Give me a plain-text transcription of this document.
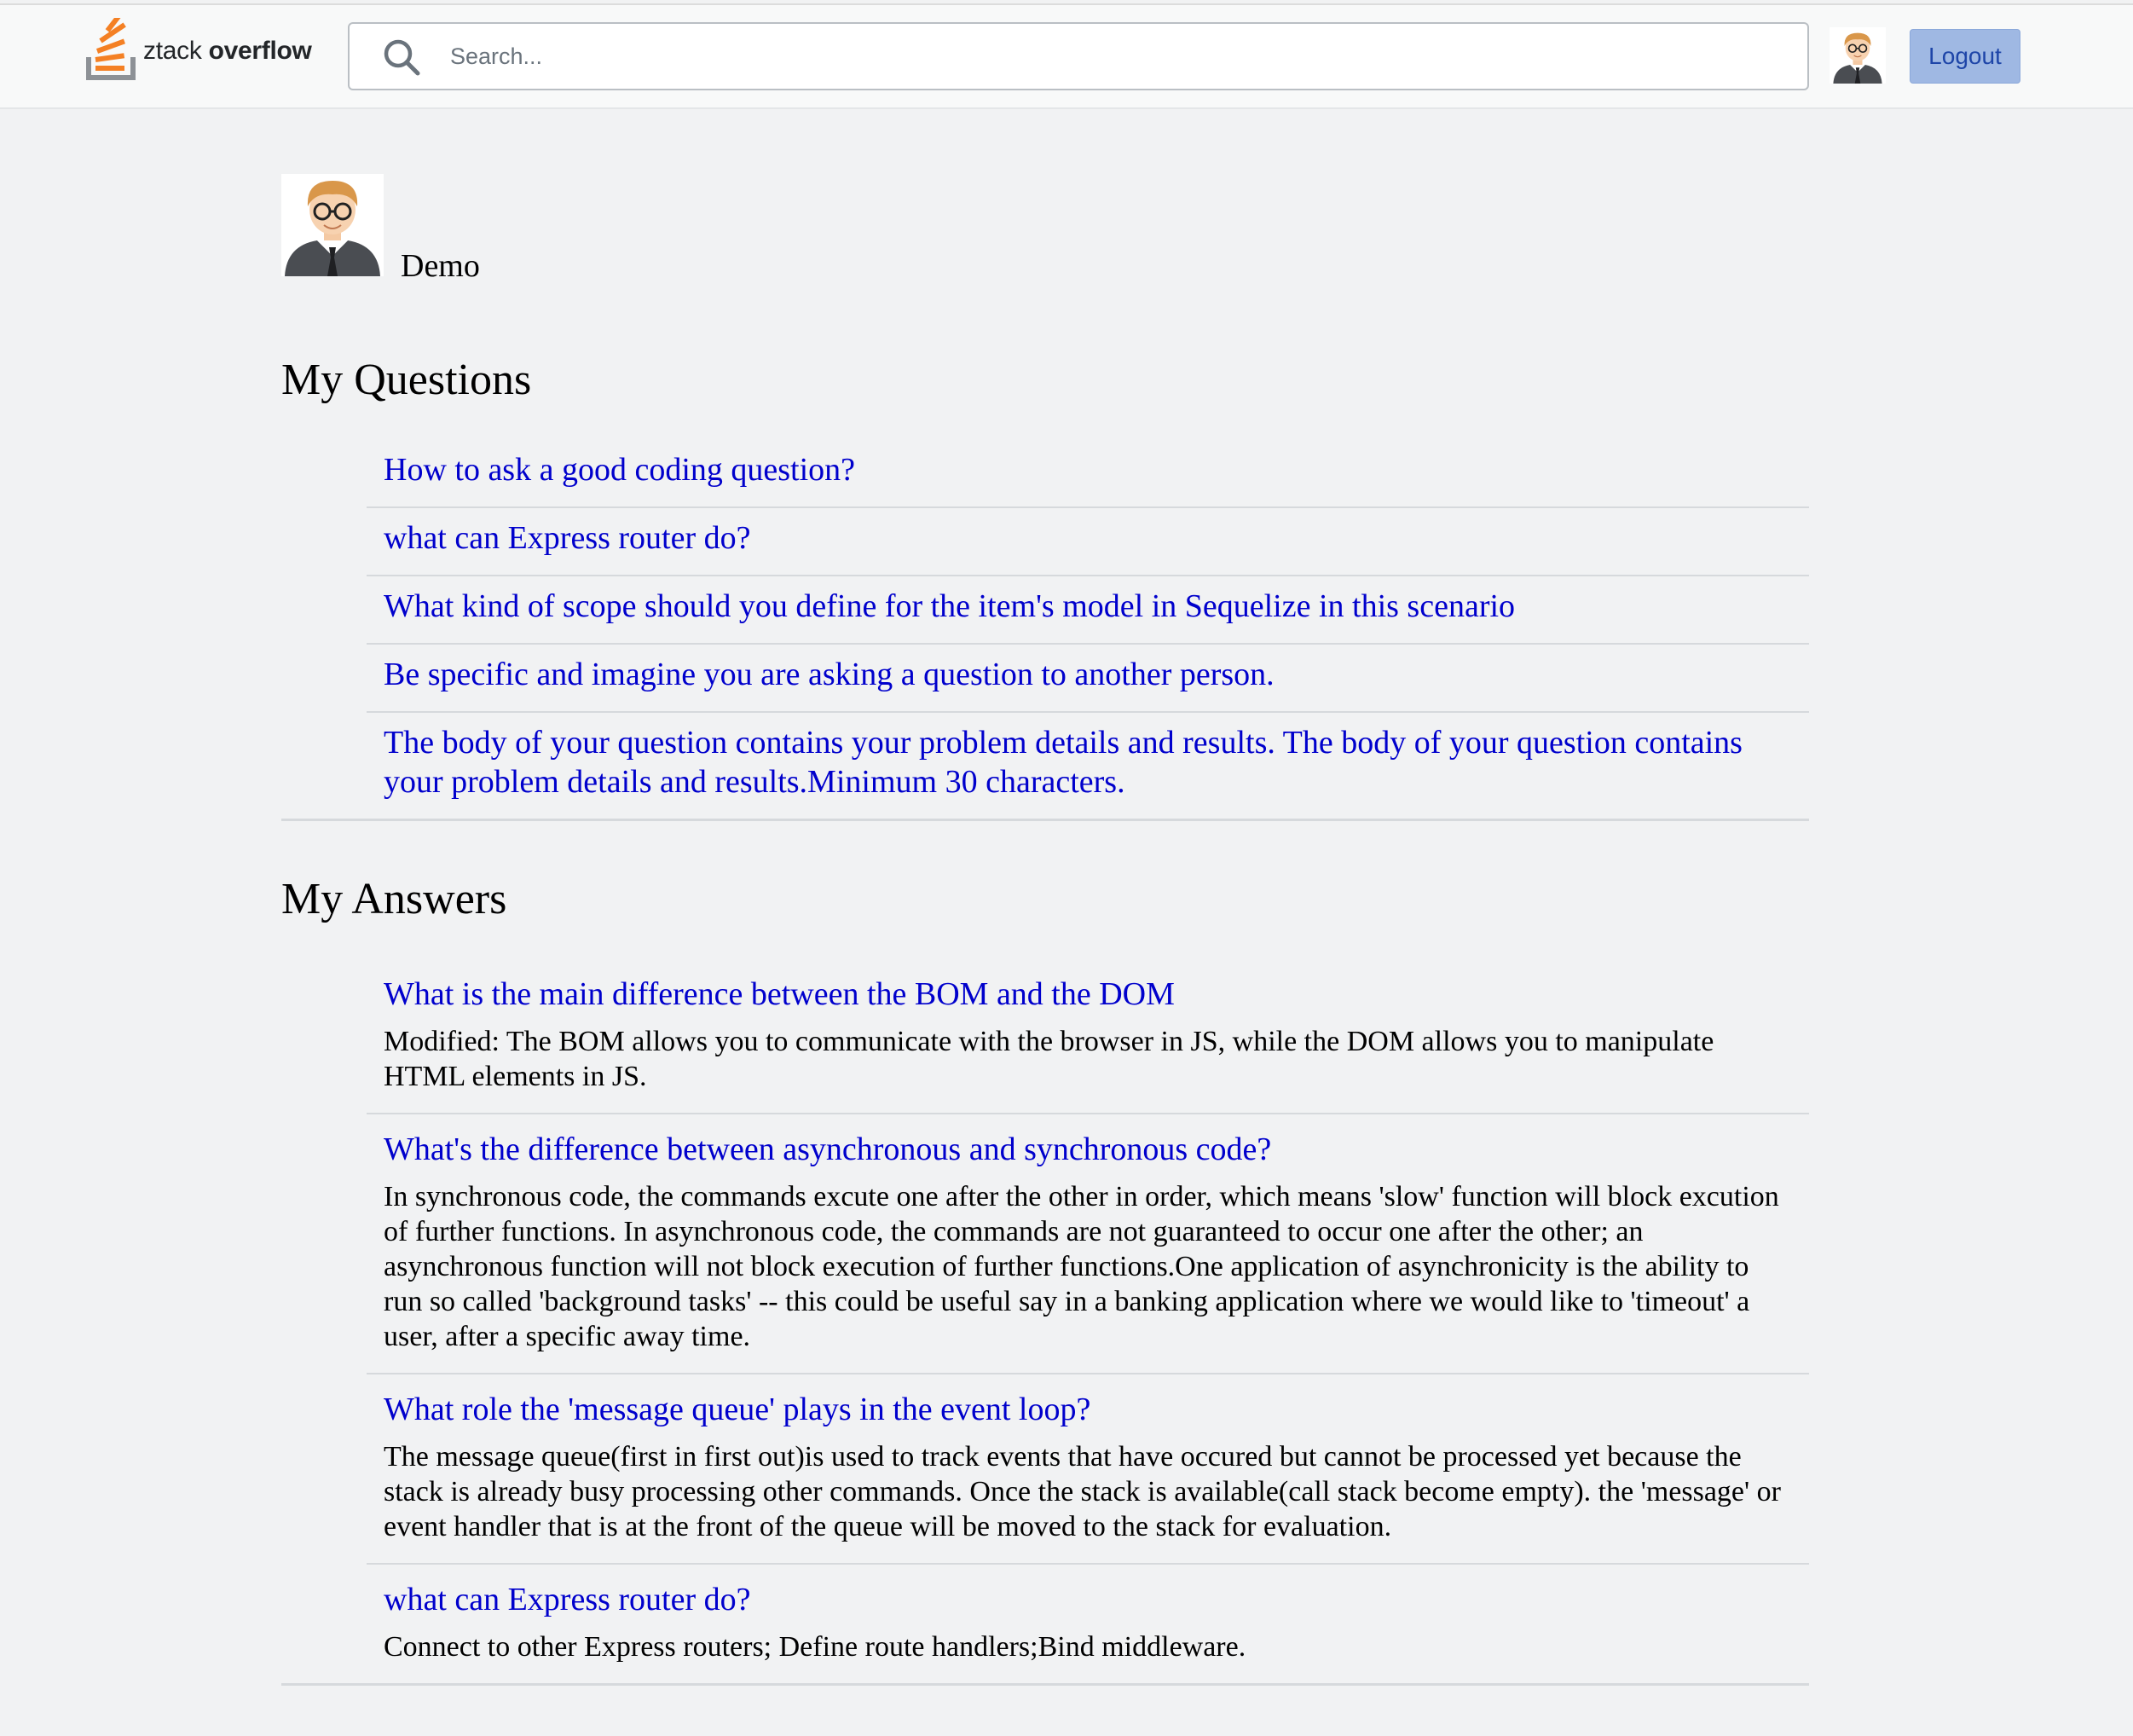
ztack overflow
Search...	Logout
Demo
My Questions
How to ask a good coding question?
what can Express router do?
What kind of scope should you define for the item's model in Sequelize in this scenario
Be specific and imagine you are asking a question to another person.
The body of your question contains your problem details and results. The body of your question contains your problem details and results.Minimum 30 characters.
My Answers
What is the main difference between the BOM and the DOM

Modified: The BOM allows you to communicate with the browser in JS, while the DOM allows you to manipulate HTML elements in JS.

What's the difference between asynchronous and synchronous code?

In synchronous code, the commands excute one after the other in order, which means 'slow' function will block excution of further functions. In asynchronous code, the commands are not guaranteed to occur one after the other; an asynchronous function will not block execution of further functions.One application of asynchronicity is the ability to run so called 'background tasks' -- this could be useful say in a banking application where we would like to 'timeout' a user, after a specific away time.

What role the 'message queue' plays in the event loop?

The message queue(first in first out)is used to track events that have occured but cannot be processed yet because the stack is already busy processing other commands. Once the stack is available(call stack become empty). the 'message' or event handler that is at the front of the queue will be moved to the stack for evaluation.

what can Express router do?

Connect to other Express routers; Define route handlers;Bind middleware.
